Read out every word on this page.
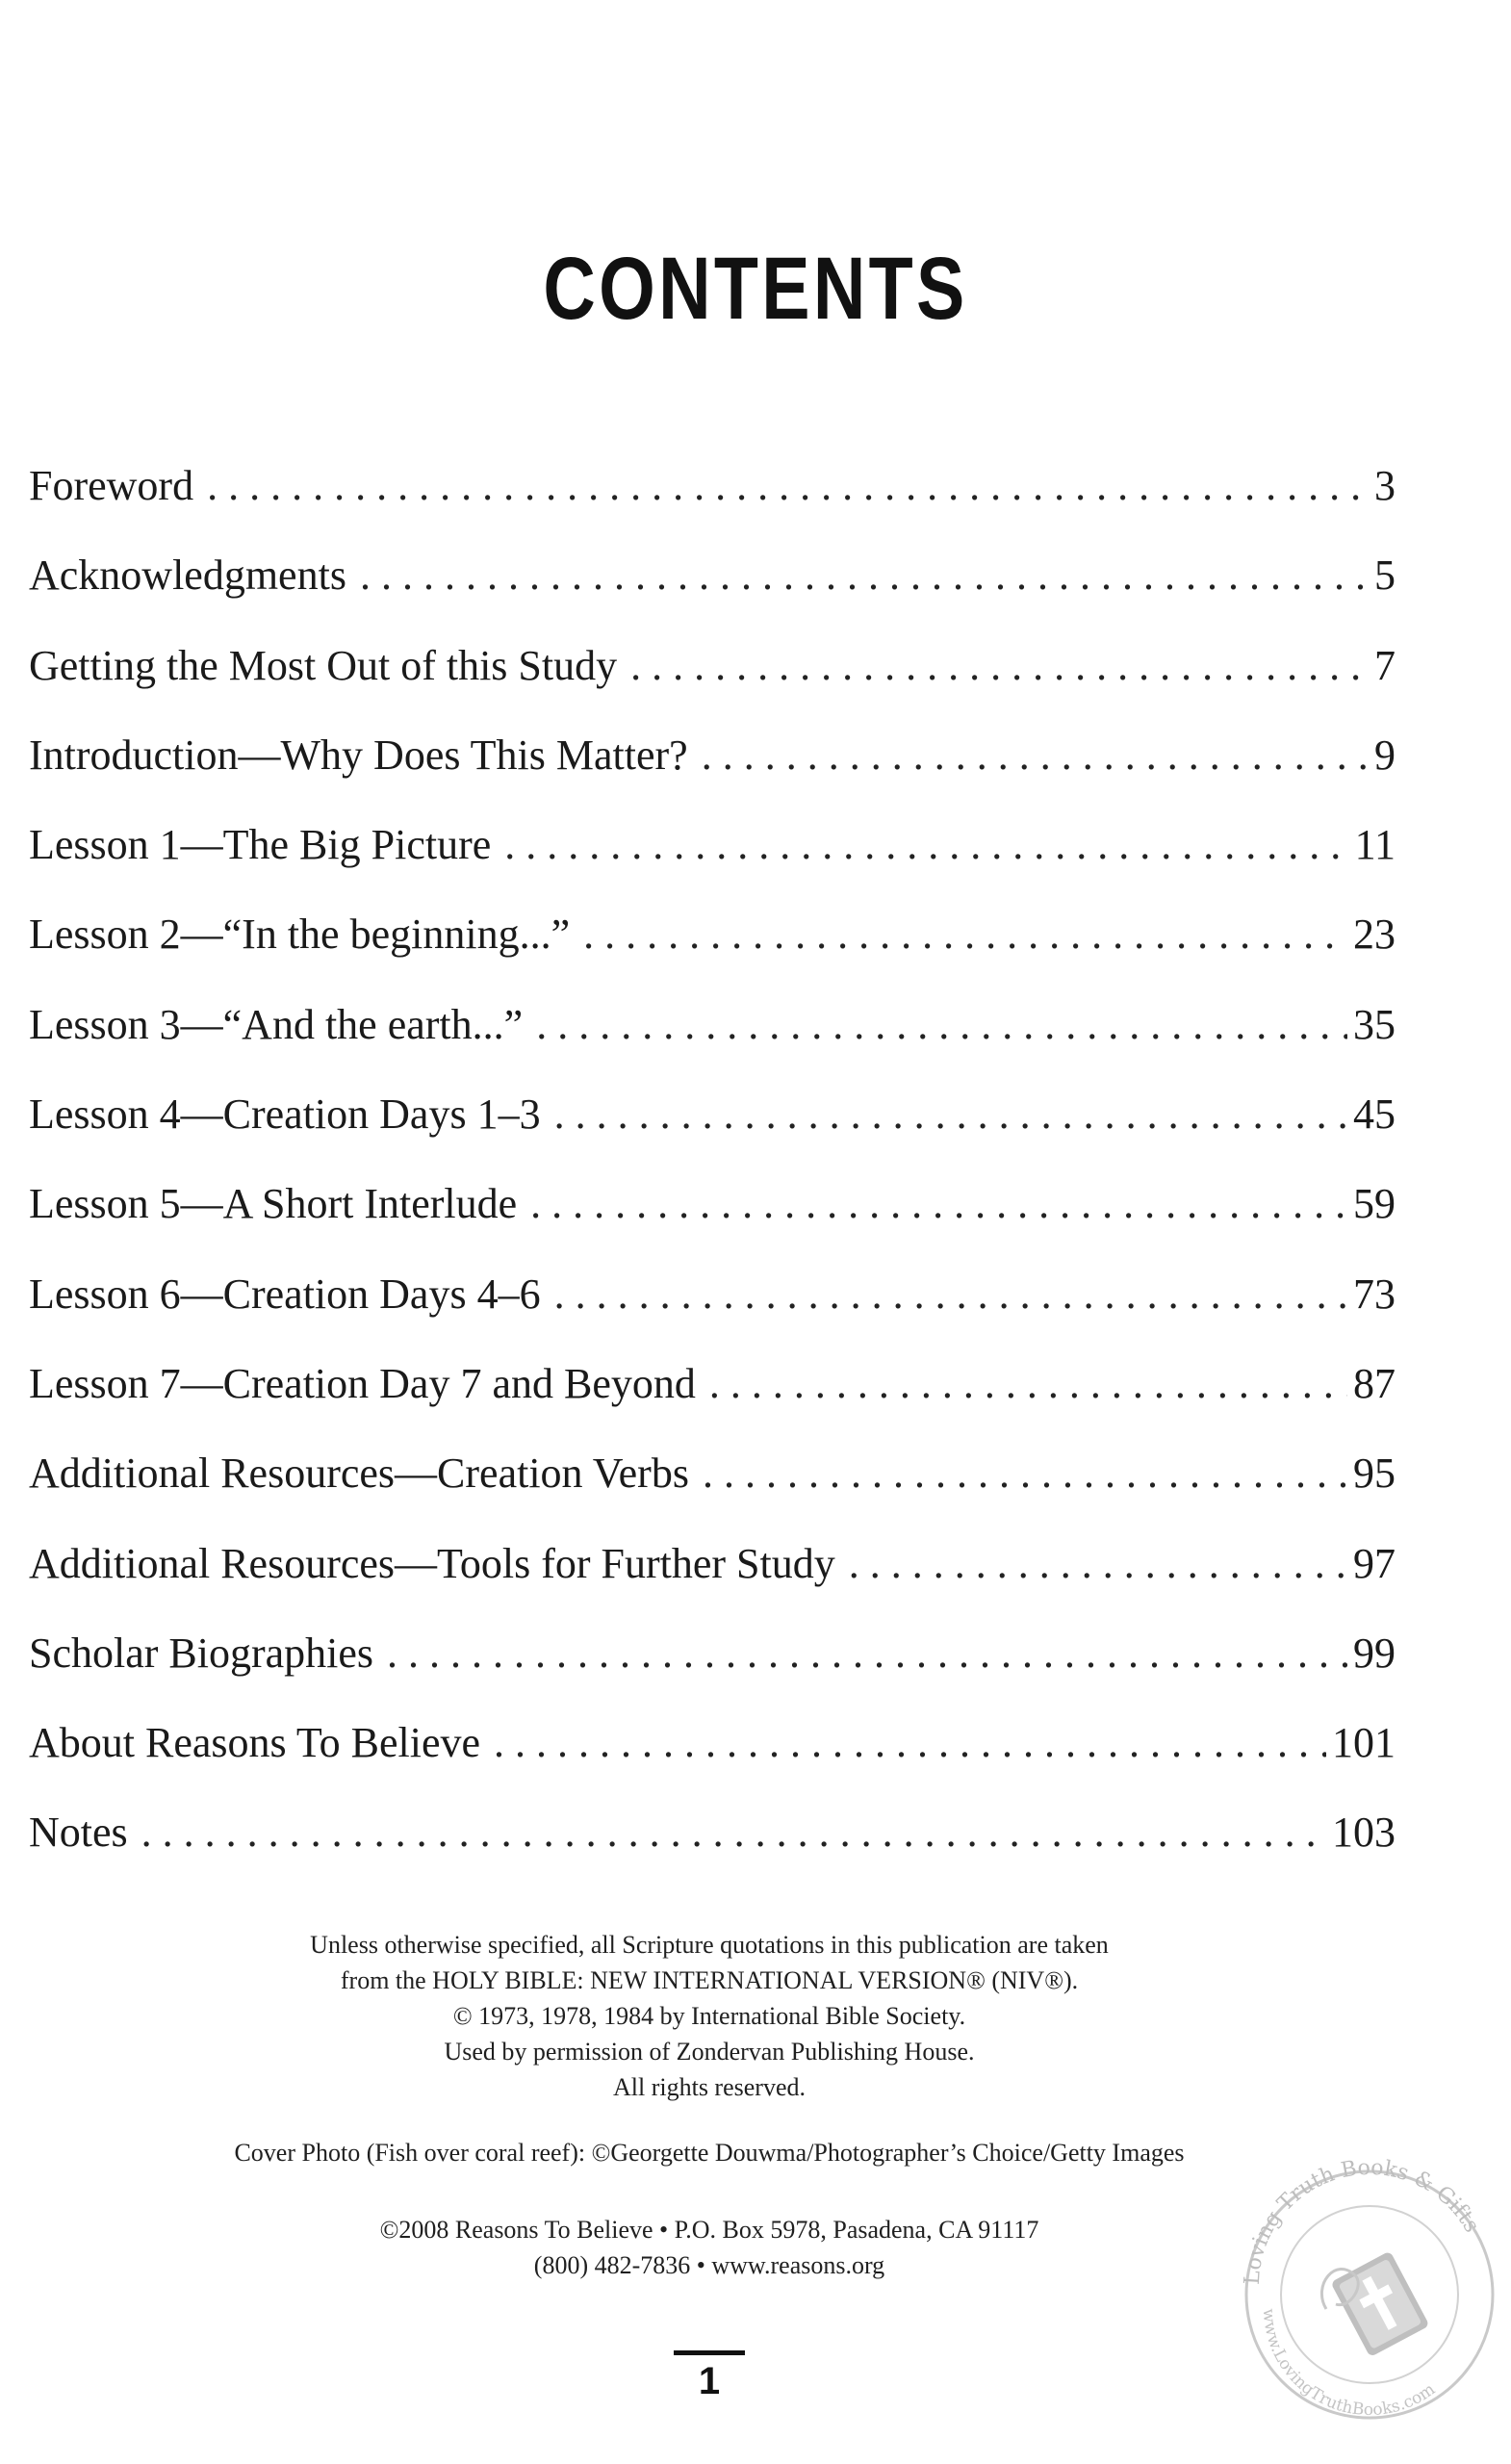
CONTENTS
Foreword . . .	3
Acknowledgments . . .	5
Getting the Most Out of this Study . . .	7
Introduction—Why Does This Matter? . . .	9
Lesson 1—The Big Picture . . .	11
Lesson 2—“In the beginning...” . . .	23
Lesson 3—“And the earth...” . . .	35
Lesson 4—Creation Days 1–3 . . .	45
Lesson 5—A Short Interlude . . .	59
Lesson 6—Creation Days 4–6 . . .	73
Lesson 7—Creation Day 7 and Beyond . . .	87
Additional Resources—Creation Verbs . . .	95
Additional Resources—Tools for Further Study . . .	97
Scholar Biographies . . .	99
About Reasons To Believe . . .	101
Notes . . .	103
Unless otherwise specified, all Scripture quotations in this publication are taken
from the HOLY BIBLE: NEW INTERNATIONAL VERSION® (NIV®).
© 1973, 1978, 1984 by International Bible Society.
Used by permission of Zondervan Publishing House.
All rights reserved.
Cover Photo (Fish over coral reef): ©Georgette Douwma/Photographer’s Choice/Getty Images
©2008 Reasons To Believe • P.O. Box 5978, Pasadena, CA 91117
(800) 482-7836 • www.reasons.org
1
Loving Truth Books & Gifts
www.LovingTruthBooks.com
